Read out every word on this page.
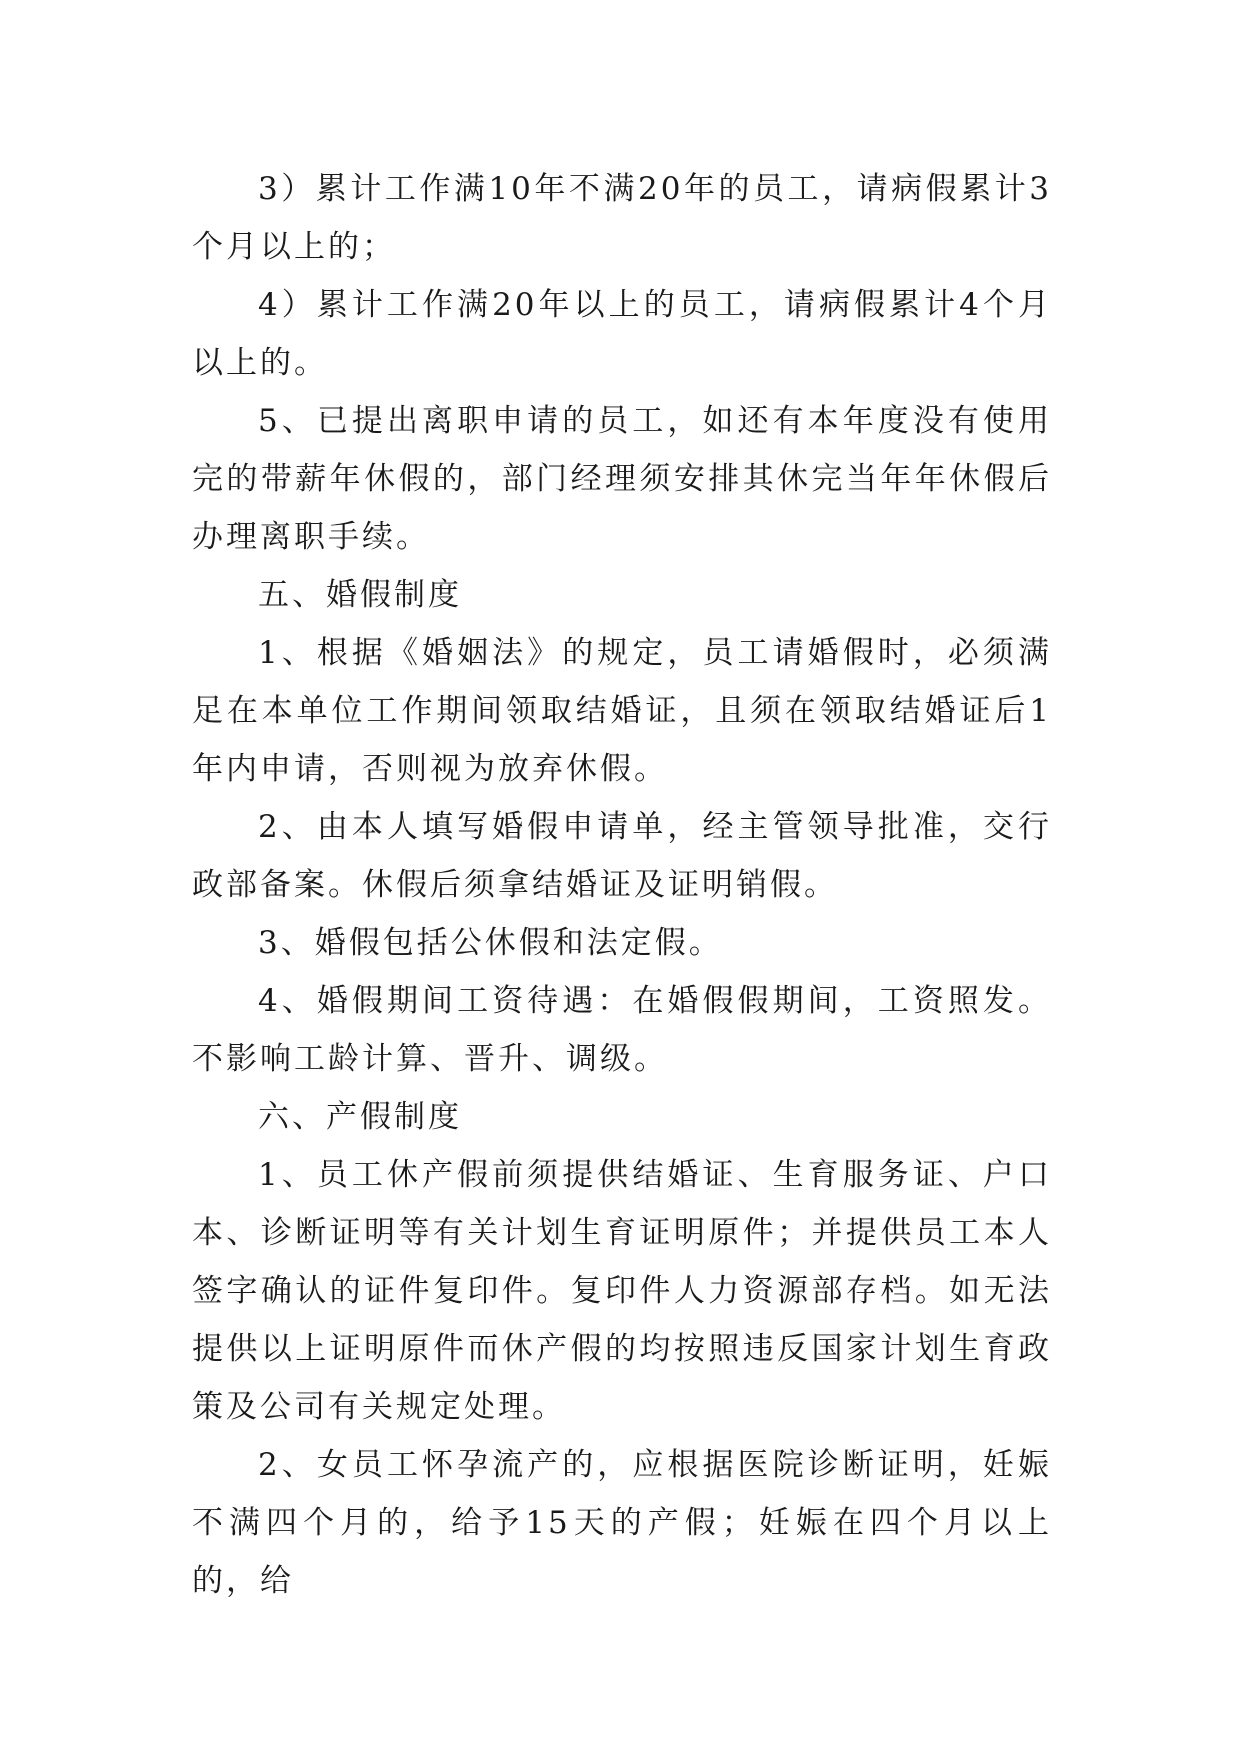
3）累计工作满10年不满20年的员工，请病假累计3个月以上的；

4）累计工作满20年以上的员工，请病假累计4个月以上的。

5、已提出离职申请的员工，如还有本年度没有使用完的带薪年休假的，部门经理须安排其休完当年年休假后办理离职手续。

五、婚假制度

1、根据《婚姻法》的规定，员工请婚假时，必须满足在本单位工作期间领取结婚证，且须在领取结婚证后1年内申请，否则视为放弃休假。

2、由本人填写婚假申请单，经主管领导批准，交行政部备案。休假后须拿结婚证及证明销假。

3、婚假包括公休假和法定假。

4、婚假期间工资待遇：在婚假假期间，工资照发。不影响工龄计算、晋升、调级。

六、产假制度

1、员工休产假前须提供结婚证、生育服务证、户口本、诊断证明等有关计划生育证明原件；并提供员工本人签字确认的证件复印件。复印件人力资源部存档。如无法提供以上证明原件而休产假的均按照违反国家计划生育政策及公司有关规定处理。

2、女员工怀孕流产的，应根据医院诊断证明，妊娠不满四个月的，给予15天的产假；妊娠在四个月以上的，给
